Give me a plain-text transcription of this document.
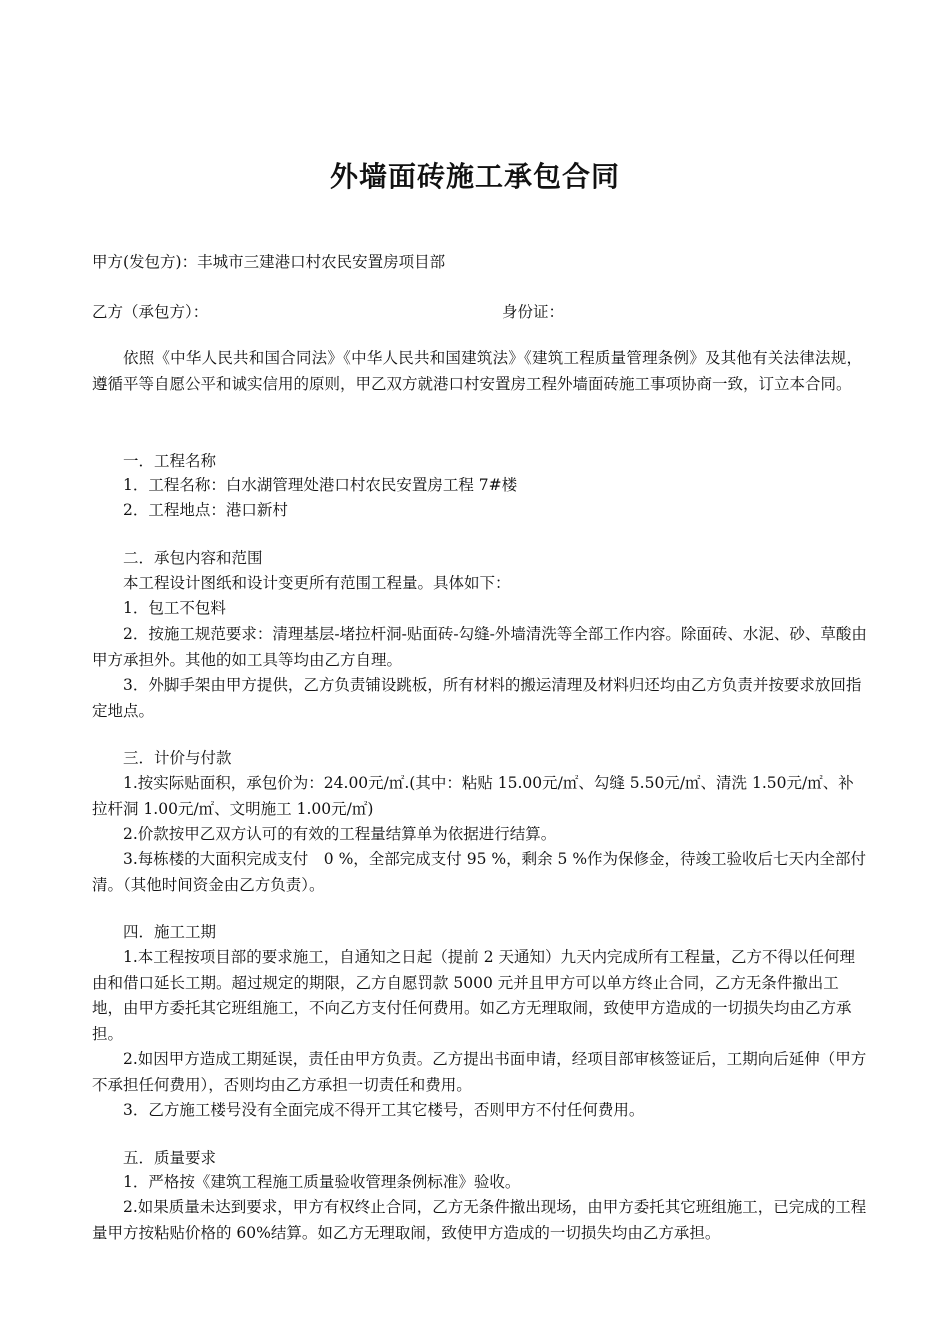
外墙面砖施工承包合同
甲方(发包方)：丰城市三建港口村农民安置房项目部
乙方（承包方）：	身份证：
依照《中华人民共和国合同法》《中华人民共和国建筑法》《建筑工程质量管理条例》及其他有关法律法规，遵循平等自愿公平和诚实信用的原则，甲乙双方就港口村安置房工程外墙面砖施工事项协商一致，订立本合同。
一．工程名称
1．工程名称：白水湖管理处港口村农民安置房工程 7#楼
2．工程地点：港口新村
二．承包内容和范围
本工程设计图纸和设计变更所有范围工程量。具体如下：
1．包工不包料
2．按施工规范要求：清理基层-堵拉杆洞-贴面砖-勾缝-外墙清洗等全部工作内容。除面砖、水泥、砂、草酸由甲方承担外。其他的如工具等均由乙方自理。
3．外脚手架由甲方提供，乙方负责铺设跳板，所有材料的搬运清理及材料归还均由乙方负责并按要求放回指定地点。
三．计价与付款
1.按实际贴面积，承包价为：24.00元/㎡.(其中：粘贴 15.00元/㎡、勾缝 5.50元/㎡、清洗 1.50元/㎡、补拉杆洞 1.00元/㎡、文明施工 1.00元/㎡)
2.价款按甲乙双方认可的有效的工程量结算单为依据进行结算。
3.每栋楼的大面积完成支付　0 %，全部完成支付 95 %，剩余 5 %作为保修金，待竣工验收后七天内全部付清。（其他时间资金由乙方负责）。
四．施工工期
1.本工程按项目部的要求施工，自通知之日起（提前 2 天通知）九天内完成所有工程量，乙方不得以任何理由和借口延长工期。超过规定的期限，乙方自愿罚款 5000 元并且甲方可以单方终止合同，乙方无条件撤出工地，由甲方委托其它班组施工，不向乙方支付任何费用。如乙方无理取闹，致使甲方造成的一切损失均由乙方承担。
2.如因甲方造成工期延误，责任由甲方负责。乙方提出书面申请，经项目部审核签证后，工期向后延伸（甲方不承担任何费用），否则均由乙方承担一切责任和费用。
3．乙方施工楼号没有全面完成不得开工其它楼号，否则甲方不付任何费用。
五．质量要求
1．严格按《建筑工程施工质量验收管理条例标准》验收。
2.如果质量未达到要求，甲方有权终止合同，乙方无条件撤出现场，由甲方委托其它班组施工，已完成的工程量甲方按粘贴价格的 60%结算。如乙方无理取闹，致使甲方造成的一切损失均由乙方承担。
